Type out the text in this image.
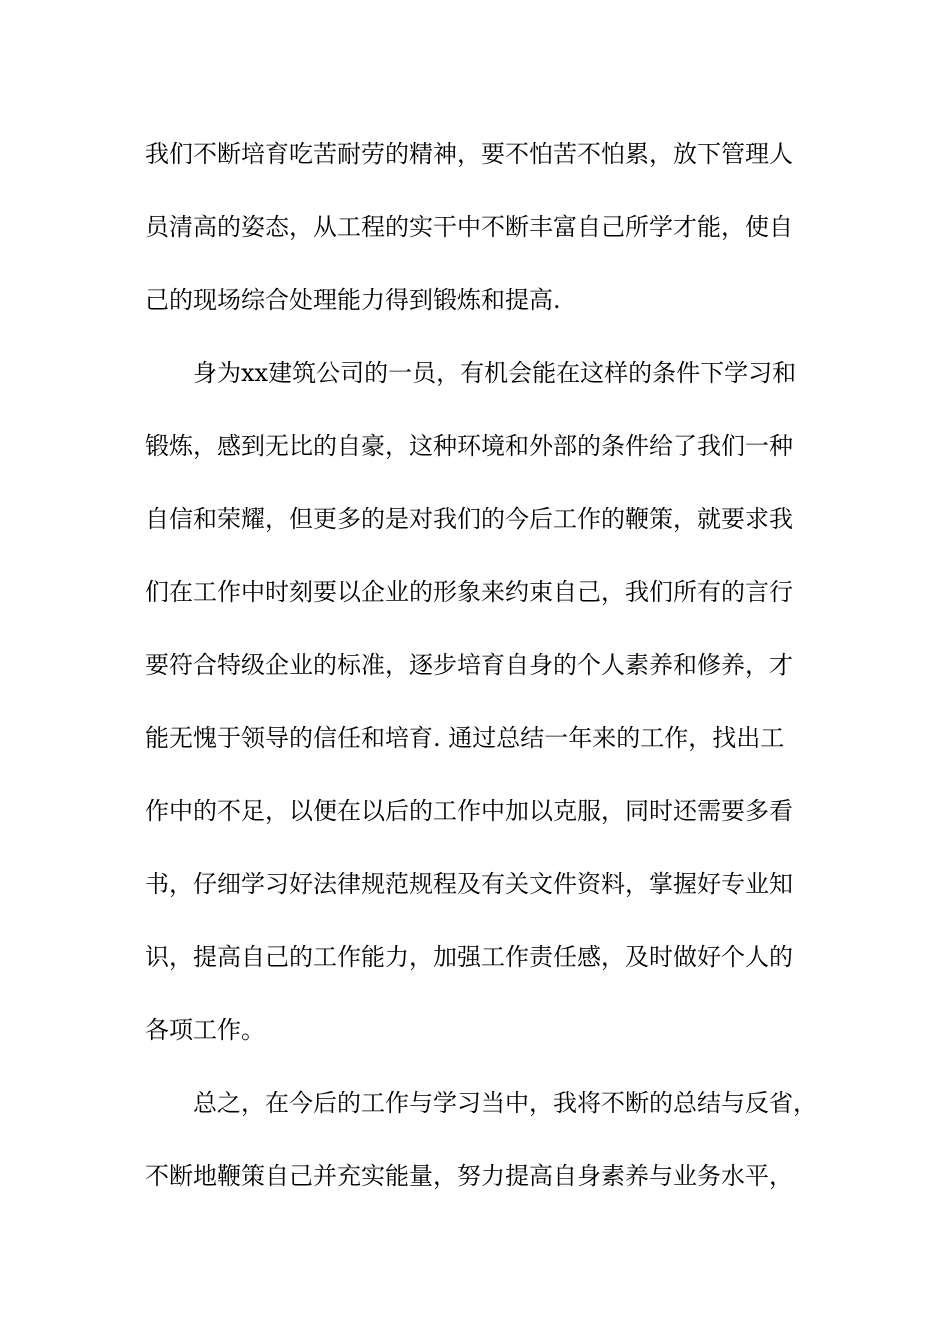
我们不断培育吃苦耐劳的精神，要不怕苦不怕累，放下管理人
员清高的姿态，从工程的实干中不断丰富自己所学才能，使自
己的现场综合处理能力得到锻炼和提高.
身为xx建筑公司的一员，有机会能在这样的条件下学习和
锻炼，感到无比的自豪，这种环境和外部的条件给了我们一种
自信和荣耀，但更多的是对我们的今后工作的鞭策，就要求我
们在工作中时刻要以企业的形象来约束自己，我们所有的言行
要符合特级企业的标准，逐步培育自身的个人素养和修养，才
能无愧于领导的信任和培育. 通过总结一年来的工作，找出工
作中的不足，以便在以后的工作中加以克服，同时还需要多看
书，仔细学习好法律规范规程及有关文件资料，掌握好专业知
识，提高自己的工作能力，加强工作责任感，及时做好个人的
各项工作。
总之，在今后的工作与学习当中，我将不断的总结与反省，
不断地鞭策自己并充实能量，努力提高自身素养与业务水平，
